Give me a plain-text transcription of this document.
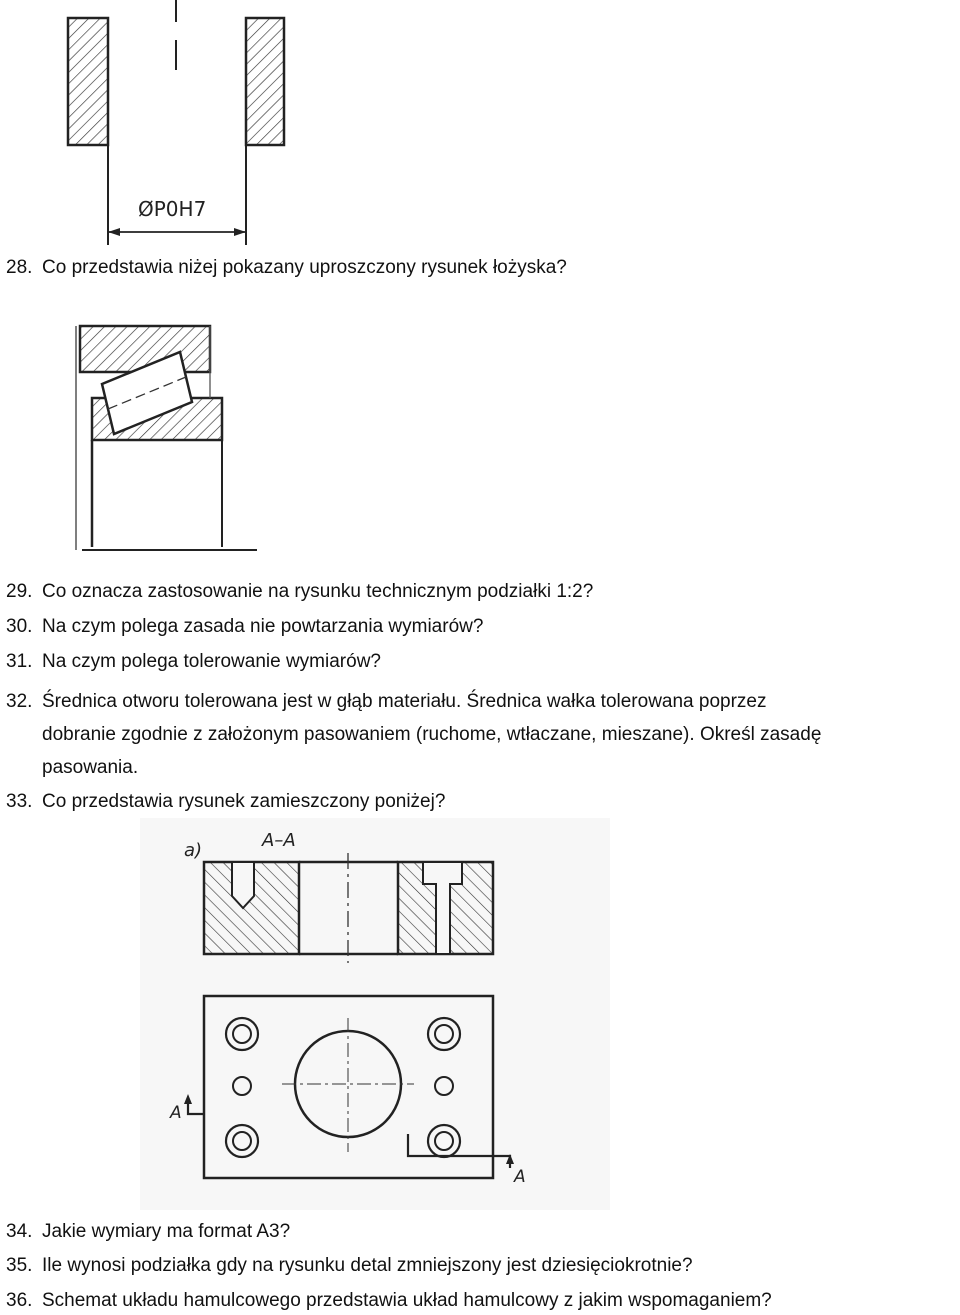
ØP0H7
28. Co przedstawia niżej pokazany uproszczony rysunek łożyska?
29. Co oznacza zastosowanie na rysunku technicznym podziałki 1:2?
30. Na czym polega zasada nie powtarzania wymiarów?
31. Na czym polega tolerowanie wymiarów?
32. Średnica otworu tolerowana jest w głąb materiału. Średnica wałka tolerowana poprzez
dobranie zgodnie z założonym pasowaniem (ruchome, wtłaczane, mieszane). Określ zasadę
pasowania.
33. Co przedstawia rysunek zamieszczony poniżej?
a)	A–A
A
A
34. Jakie wymiary ma format A3?
35. Ile wynosi podziałka gdy na rysunku detal zmniejszony jest dziesięciokrotnie?
36. Schemat układu hamulcowego przedstawia układ hamulcowy z jakim wspomaganiem?
